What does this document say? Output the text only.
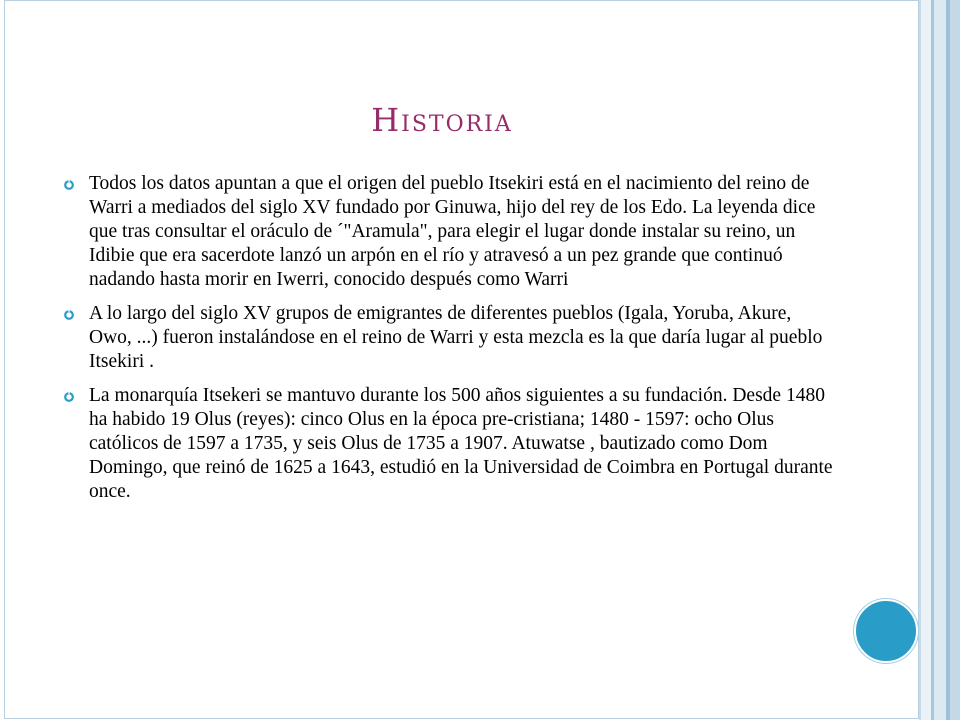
Historia
Todos los datos apuntan a que el origen del pueblo Itsekiri está en el nacimiento del reino de Warri a mediados del siglo XV fundado por Ginuwa, hijo del rey de los Edo. La leyenda dice que tras consultar el oráculo de ´"Aramula", para elegir el lugar donde instalar su reino, un Idibie que era sacerdote lanzó un arpón en el río y atravesó a un pez grande que continuó nadando hasta morir en Iwerri, conocido después como Warri
A lo largo del siglo XV grupos de emigrantes de diferentes pueblos (Igala, Yoruba, Akure, Owo, ...) fueron instalándose en el reino de Warri y esta mezcla es la que daría lugar al pueblo Itsekiri .
La monarquía Itsekeri se mantuvo durante los 500 años siguientes a su fundación. Desde 1480 ha habido 19 Olus (reyes): cinco Olus en la época pre-cristiana; 1480 - 1597: ocho Olus católicos de 1597 a 1735, y seis Olus de 1735 a 1907. Atuwatse , bautizado como Dom Domingo, que reinó de 1625 a 1643, estudió en la Universidad de Coimbra en Portugal durante once.
